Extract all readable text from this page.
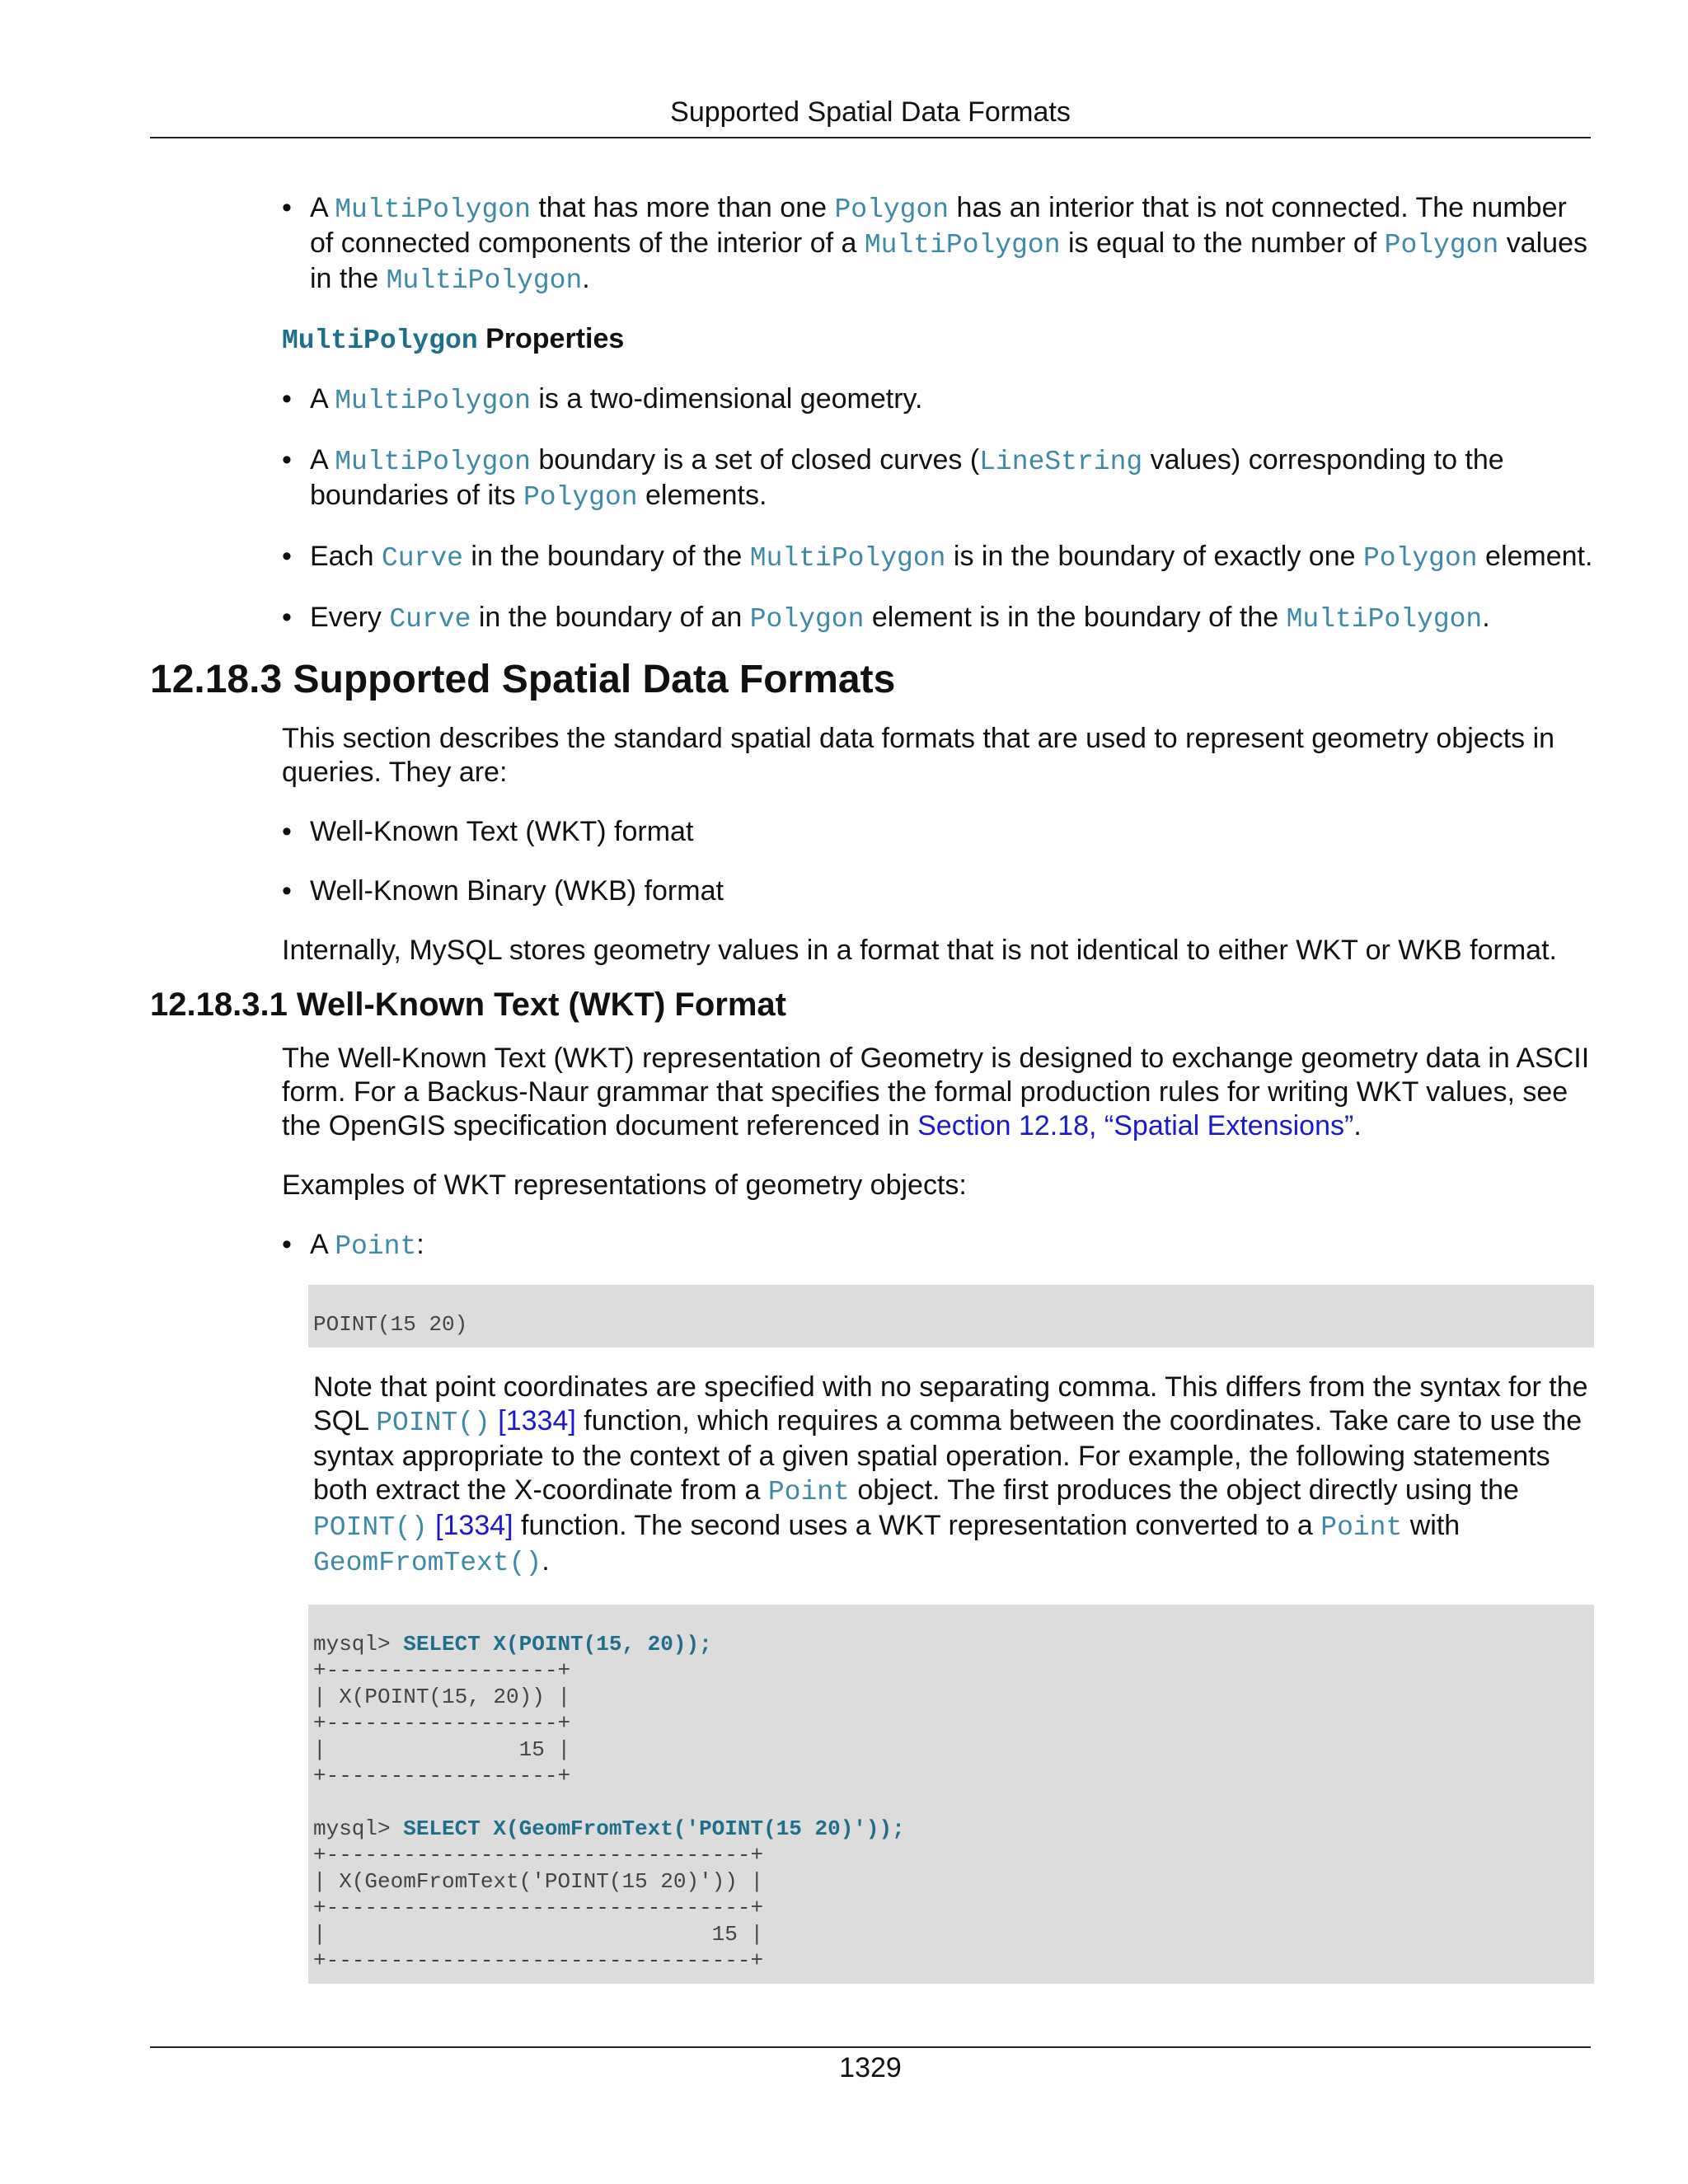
Supported Spatial Data Formats
• A MultiPolygon that has more than one Polygon has an interior that is not connected. The number of connected components of the interior of a MultiPolygon is equal to the number of Polygon values in the MultiPolygon.

MultiPolygon Properties

• A MultiPolygon is a two-dimensional geometry.
• A MultiPolygon boundary is a set of closed curves (LineString values) corresponding to the boundaries of its Polygon elements.
• Each Curve in the boundary of the MultiPolygon is in the boundary of exactly one Polygon element.
• Every Curve in the boundary of an Polygon element is in the boundary of the MultiPolygon.
12.18.3 Supported Spatial Data Formats

This section describes the standard spatial data formats that are used to represent geometry objects in queries. They are:

• Well-Known Text (WKT) format
• Well-Known Binary (WKB) format

Internally, MySQL stores geometry values in a format that is not identical to either WKT or WKB format.

12.18.3.1 Well-Known Text (WKT) Format

The Well-Known Text (WKT) representation of Geometry is designed to exchange geometry data in ASCII form. For a Backus-Naur grammar that specifies the formal production rules for writing WKT values, see the OpenGIS specification document referenced in Section 12.18, “Spatial Extensions”.

Examples of WKT representations of geometry objects:

• A Point:
POINT(15 20)

Note that point coordinates are specified with no separating comma. This differs from the syntax for the SQL POINT() [1334] function, which requires a comma between the coordinates. Take care to use the syntax appropriate to the context of a given spatial operation. For example, the following statements both extract the X-coordinate from a Point object. The first produces the object directly using the POINT() [1334] function. The second uses a WKT representation converted to a Point with GeomFromText().

mysql> SELECT X(POINT(15, 20));
+------------------+
| X(POINT(15, 20)) |
+------------------+
|               15 |
+------------------+

mysql> SELECT X(GeomFromText('POINT(15 20)'));
+---------------------------------+
| X(GeomFromText('POINT(15 20)')) |
+---------------------------------+
|                              15 |
+---------------------------------+
1329
